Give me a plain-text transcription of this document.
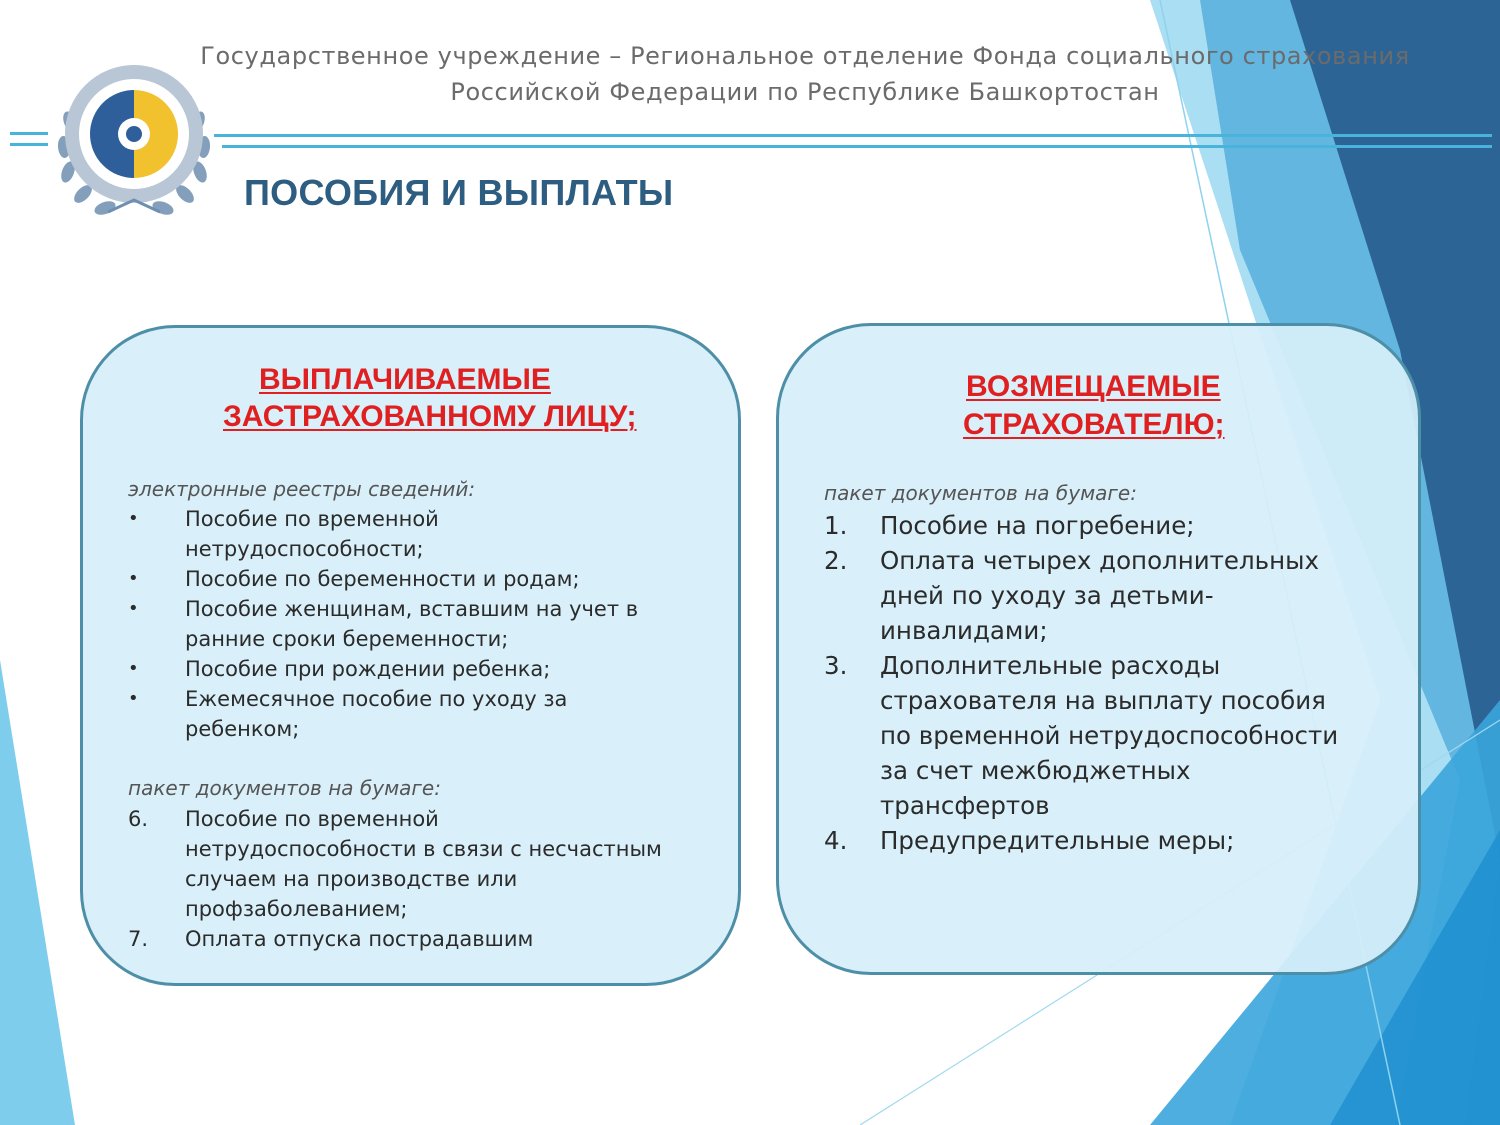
Государственное учреждение – Региональное отделение Фонда социального страхования
Российской Федерации по Республике Башкортостан
ПОСОБИЯ И ВЫПЛАТЫ
ВЫПЛАЧИВАЕМЫЕ
ЗАСТРАХОВАННОМУ ЛИЦУ;
электронные реестры сведений:
• Пособие по временной
нетрудоспособности;
• Пособие по беременности и родам;
• Пособие женщинам, вставшим на учет в
ранние сроки беременности;
• Пособие при рождении ребенка;
• Ежемесячное пособие по уходу за
ребенком;
пакет документов на бумаге:
6. Пособие по временной
нетрудоспособности в связи с несчастным
случаем на производстве или
профзаболеванием;
7. Оплата отпуска пострадавшим
ВОЗМЕЩАЕМЫЕ
СТРАХОВАТЕЛЮ;
пакет документов на бумаге:
1. Пособие на погребение;
2. Оплата четырех дополнительных
дней по уходу за детьми-
инвалидами;
3. Дополнительные расходы
страхователя на выплату пособия
по временной нетрудоспособности
за счет межбюджетных
трансфертов
4. Предупредительные меры;
